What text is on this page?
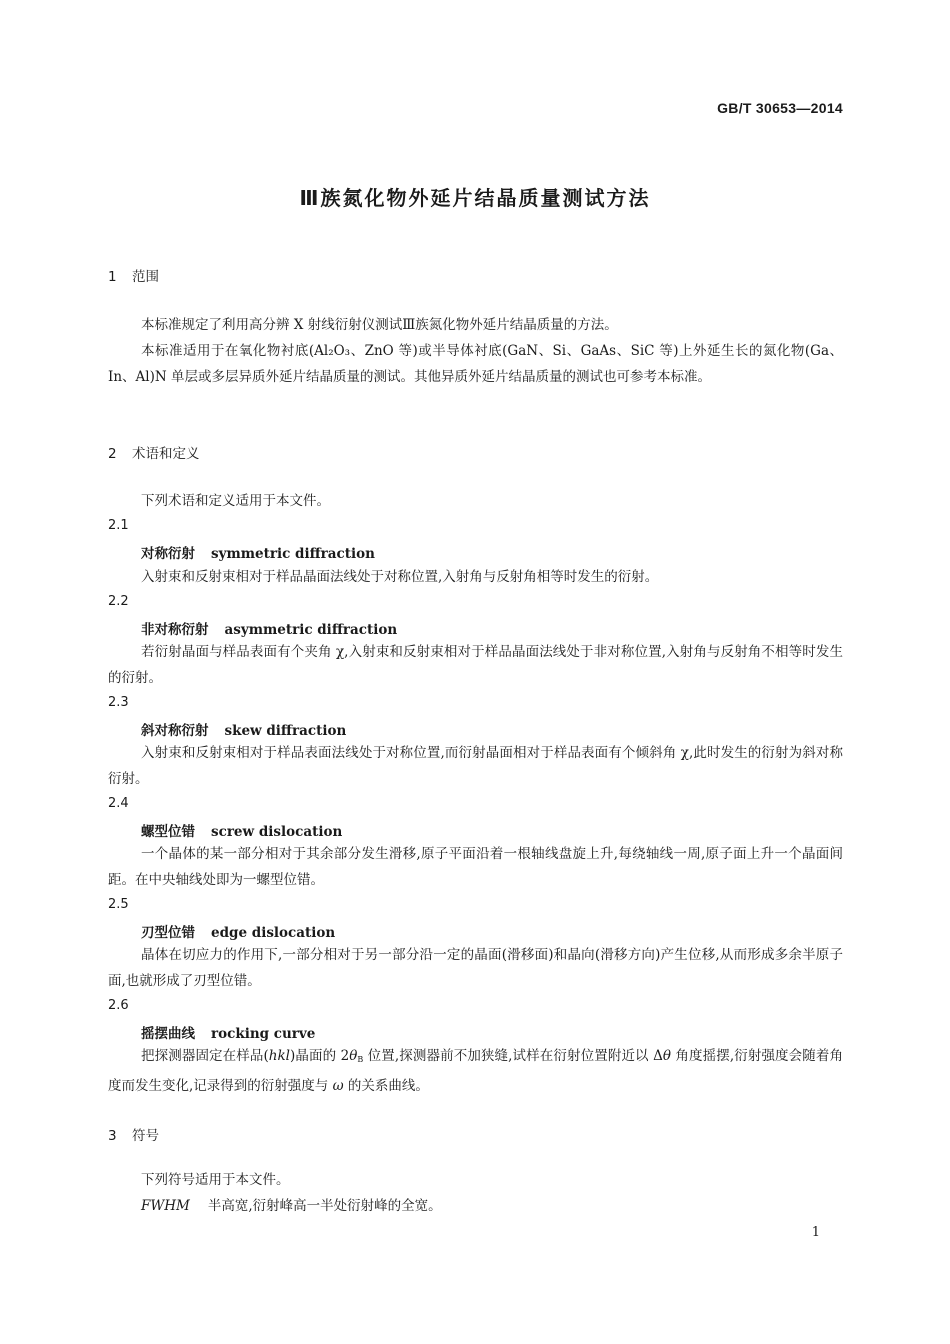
GB/T 30653—2014
Ⅲ族氮化物外延片结晶质量测试方法
1 范围
本标准规定了利用高分辨 X 射线衍射仪测试Ⅲ族氮化物外延片结晶质量的方法。
本标准适用于在氧化物衬底(Al₂O₃、ZnO 等)或半导体衬底(GaN、Si、GaAs、SiC 等)上外延生长的氮化物(Ga、In、Al)N 单层或多层异质外延片结晶质量的测试。其他异质外延片结晶质量的测试也可参考本标准。
2 术语和定义
下列术语和定义适用于本文件。
2.1
对称衍射 symmetric diffraction
入射束和反射束相对于样品晶面法线处于对称位置,入射角与反射角相等时发生的衍射。
2.2
非对称衍射 asymmetric diffraction
若衍射晶面与样品表面有个夹角 χ,入射束和反射束相对于样品晶面法线处于非对称位置,入射角与反射角不相等时发生的衍射。
2.3
斜对称衍射 skew diffraction
入射束和反射束相对于样品表面法线处于对称位置,而衍射晶面相对于样品表面有个倾斜角 χ,此时发生的衍射为斜对称衍射。
2.4
螺型位错 screw dislocation
一个晶体的某一部分相对于其余部分发生滑移,原子平面沿着一根轴线盘旋上升,每绕轴线一周,原子面上升一个晶面间距。在中央轴线处即为一螺型位错。
2.5
刃型位错 edge dislocation
晶体在切应力的作用下,一部分相对于另一部分沿一定的晶面(滑移面)和晶向(滑移方向)产生位移,从而形成多余半原子面,也就形成了刃型位错。
2.6
摇摆曲线 rocking curve
把探测器固定在样品(hkl)晶面的 $2\theta_B$ 位置,探测器前不加狭缝,试样在衍射位置附近以 Δθ 角度摇摆,衍射强度会随着角度而发生变化,记录得到的衍射强度与 ω 的关系曲线。
3 符号
下列符号适用于本文件。
FWHM 半高宽,衍射峰高一半处衍射峰的全宽。
1
